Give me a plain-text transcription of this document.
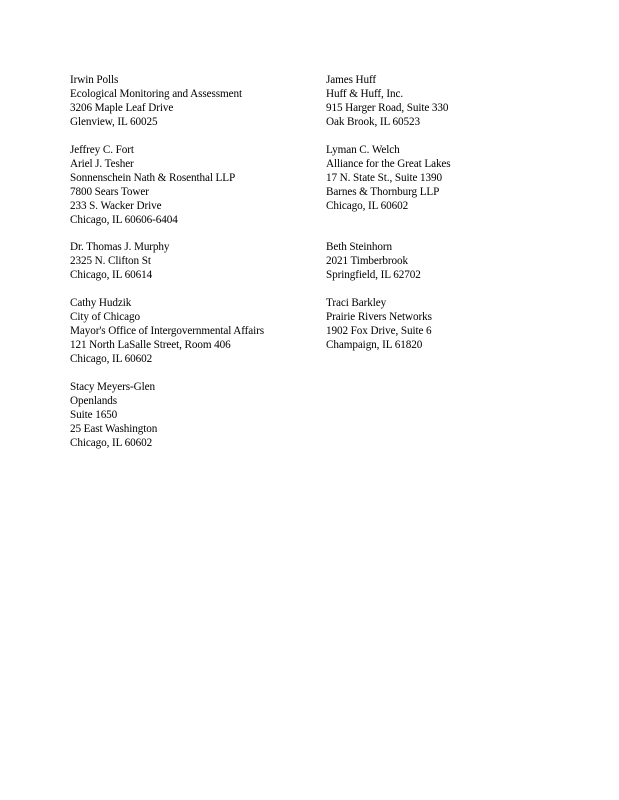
Irwin Polls
Ecological Monitoring and Assessment
3206 Maple Leaf Drive
Glenview, IL 60025
Jeffrey C. Fort
Ariel J. Tesher
Sonnenschein Nath & Rosenthal LLP
7800 Sears Tower
233 S. Wacker Drive
Chicago, IL 60606-6404
Dr. Thomas J. Murphy
2325 N. Clifton St
Chicago, IL 60614
Cathy Hudzik
City of Chicago
Mayor's Office of Intergovernmental Affairs
121 North LaSalle Street, Room 406
Chicago, IL 60602
Stacy Meyers-Glen
Openlands
Suite 1650
25 East Washington
Chicago, IL 60602
James Huff
Huff & Huff, Inc.
915 Harger Road, Suite 330
Oak Brook, IL 60523
Lyman C. Welch
Alliance for the Great Lakes
17 N. State St., Suite 1390
Barnes & Thornburg LLP
Chicago, IL 60602
Beth Steinhorn
2021 Timberbrook
Springfield, IL 62702
Traci Barkley
Prairie Rivers Networks
1902 Fox Drive, Suite 6
Champaign, IL 61820
